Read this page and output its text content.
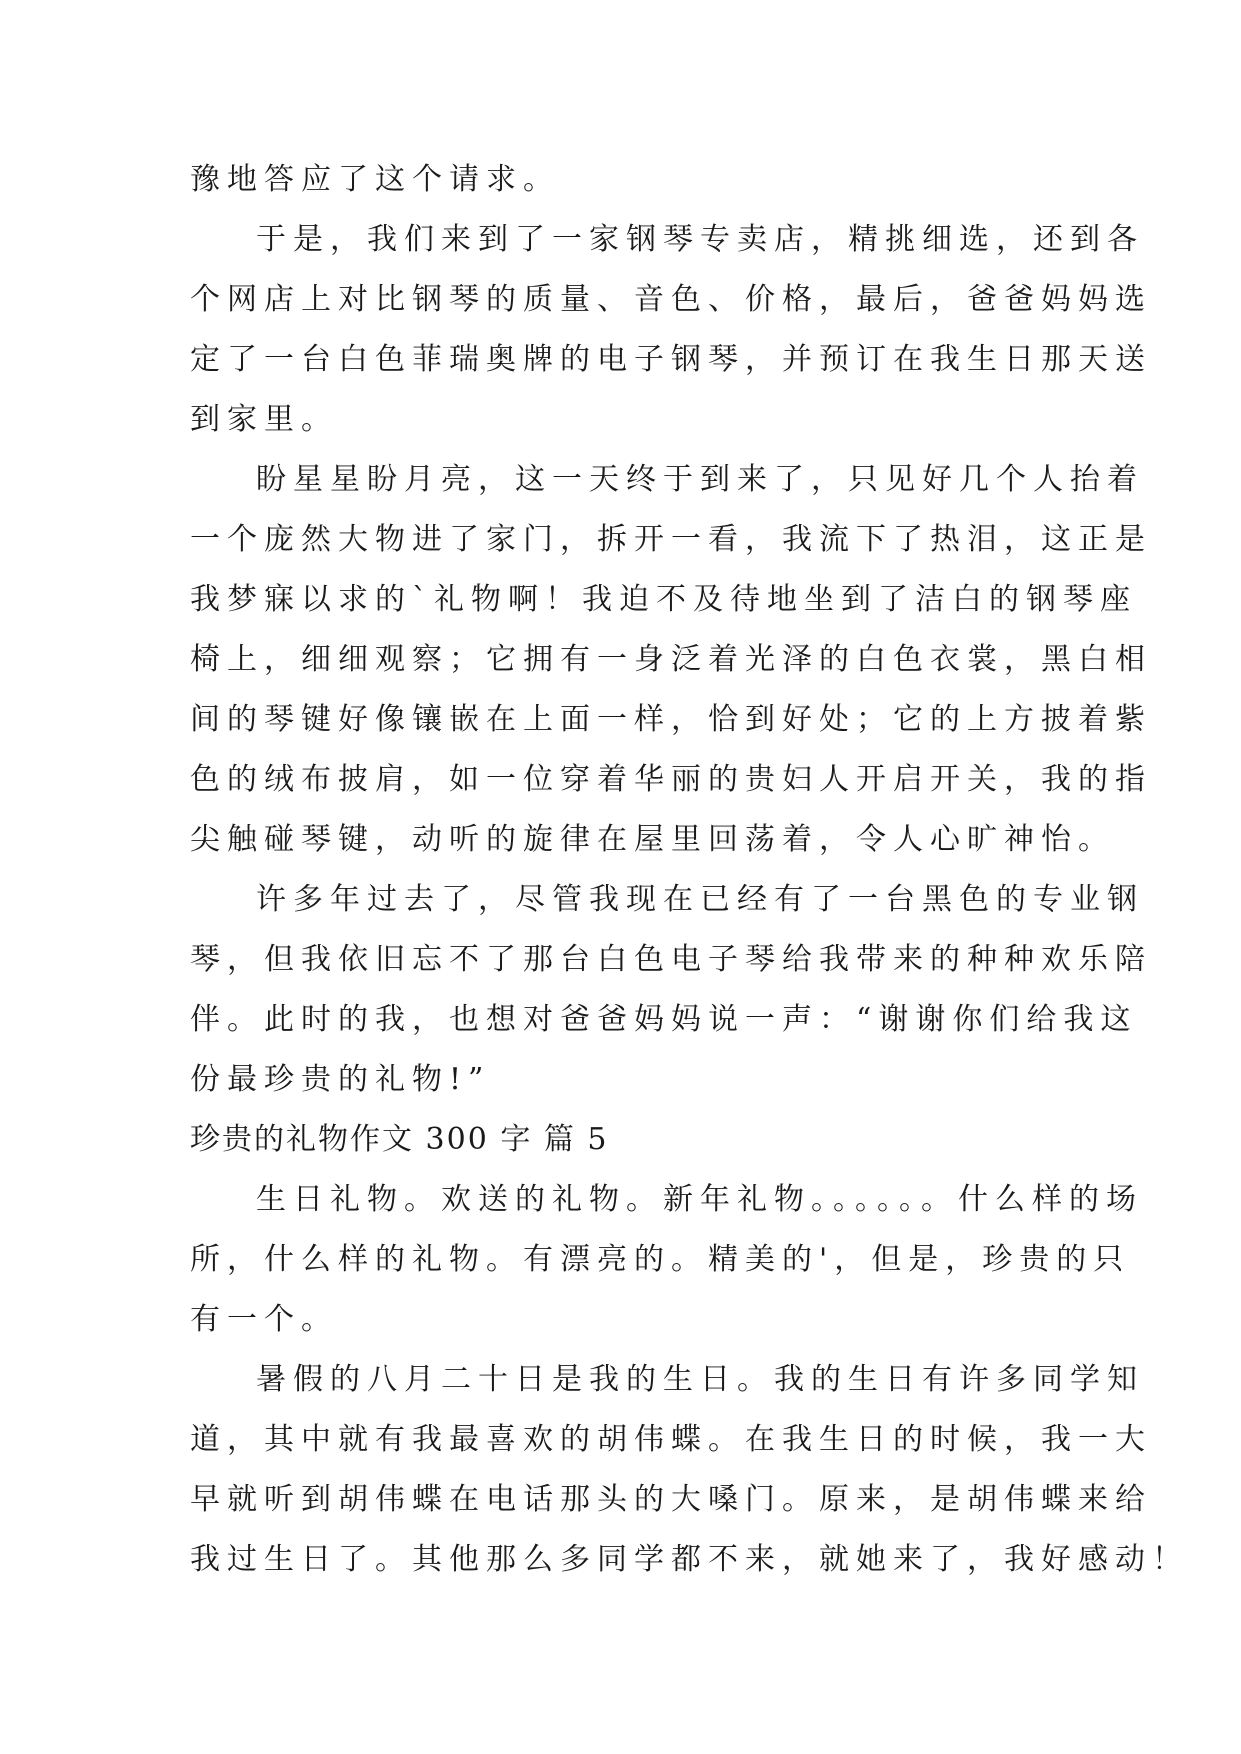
豫地答应了这个请求。
于是，我们来到了一家钢琴专卖店，精挑细选，还到各
个网店上对比钢琴的质量、音色、价格，最后，爸爸妈妈选
定了一台白色菲瑞奥牌的电子钢琴，并预订在我生日那天送
到家里。
盼星星盼月亮，这一天终于到来了，只见好几个人抬着
一个庞然大物进了家门，拆开一看，我流下了热泪，这正是
我梦寐以求的`礼物啊！我迫不及待地坐到了洁白的钢琴座
椅上，细细观察；它拥有一身泛着光泽的白色衣裳，黑白相
间的琴键好像镶嵌在上面一样，恰到好处；它的上方披着紫
色的绒布披肩，如一位穿着华丽的贵妇人开启开关，我的指
尖触碰琴键，动听的旋律在屋里回荡着，令人心旷神怡。
许多年过去了，尽管我现在已经有了一台黑色的专业钢
琴，但我依旧忘不了那台白色电子琴给我带来的种种欢乐陪
伴。此时的我，也想对爸爸妈妈说一声：“谢谢你们给我这
份最珍贵的礼物!”
珍贵的礼物作文 300 字 篇 5
生日礼物。欢送的礼物。新年礼物。。。。。。什么样的场
所，什么样的礼物。有漂亮的。精美的'，但是，珍贵的只
有一个。
暑假的八月二十日是我的生日。我的生日有许多同学知
道，其中就有我最喜欢的胡伟蝶。在我生日的时候，我一大
早就听到胡伟蝶在电话那头的大嗓门。原来，是胡伟蝶来给
我过生日了。其他那么多同学都不来，就她来了，我好感动！
